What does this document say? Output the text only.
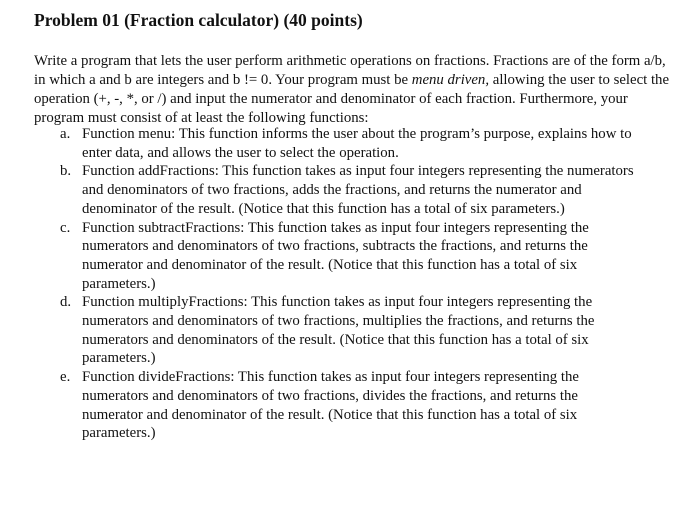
Problem 01 (Fraction calculator) (40 points)
Write a program that lets the user perform arithmetic operations on fractions. Fractions are of the form a/b, in which a and b are integers and b != 0. Your program must be menu driven, allowing the user to select the operation (+, -, *, or /) and input the numerator and denominator of each fraction. Furthermore, your program must consist of at least the following functions:
a. Function menu: This function informs the user about the program’s purpose, explains how to enter data, and allows the user to select the operation.
b. Function addFractions: This function takes as input four integers representing the numerators and denominators of two fractions, adds the fractions, and returns the numerator and denominator of the result. (Notice that this function has a total of six parameters.)
c. Function subtractFractions: This function takes as input four integers representing the numerators and denominators of two fractions, subtracts the fractions, and returns the numerator and denominator of the result. (Notice that this function has a total of six parameters.)
d. Function multiplyFractions: This function takes as input four integers representing the numerators and denominators of two fractions, multiplies the fractions, and returns the numerators and denominators of the result. (Notice that this function has a total of six parameters.)
e. Function divideFractions: This function takes as input four integers representing the numerators and denominators of two fractions, divides the fractions, and returns the numerator and denominator of the result. (Notice that this function has a total of six parameters.)
